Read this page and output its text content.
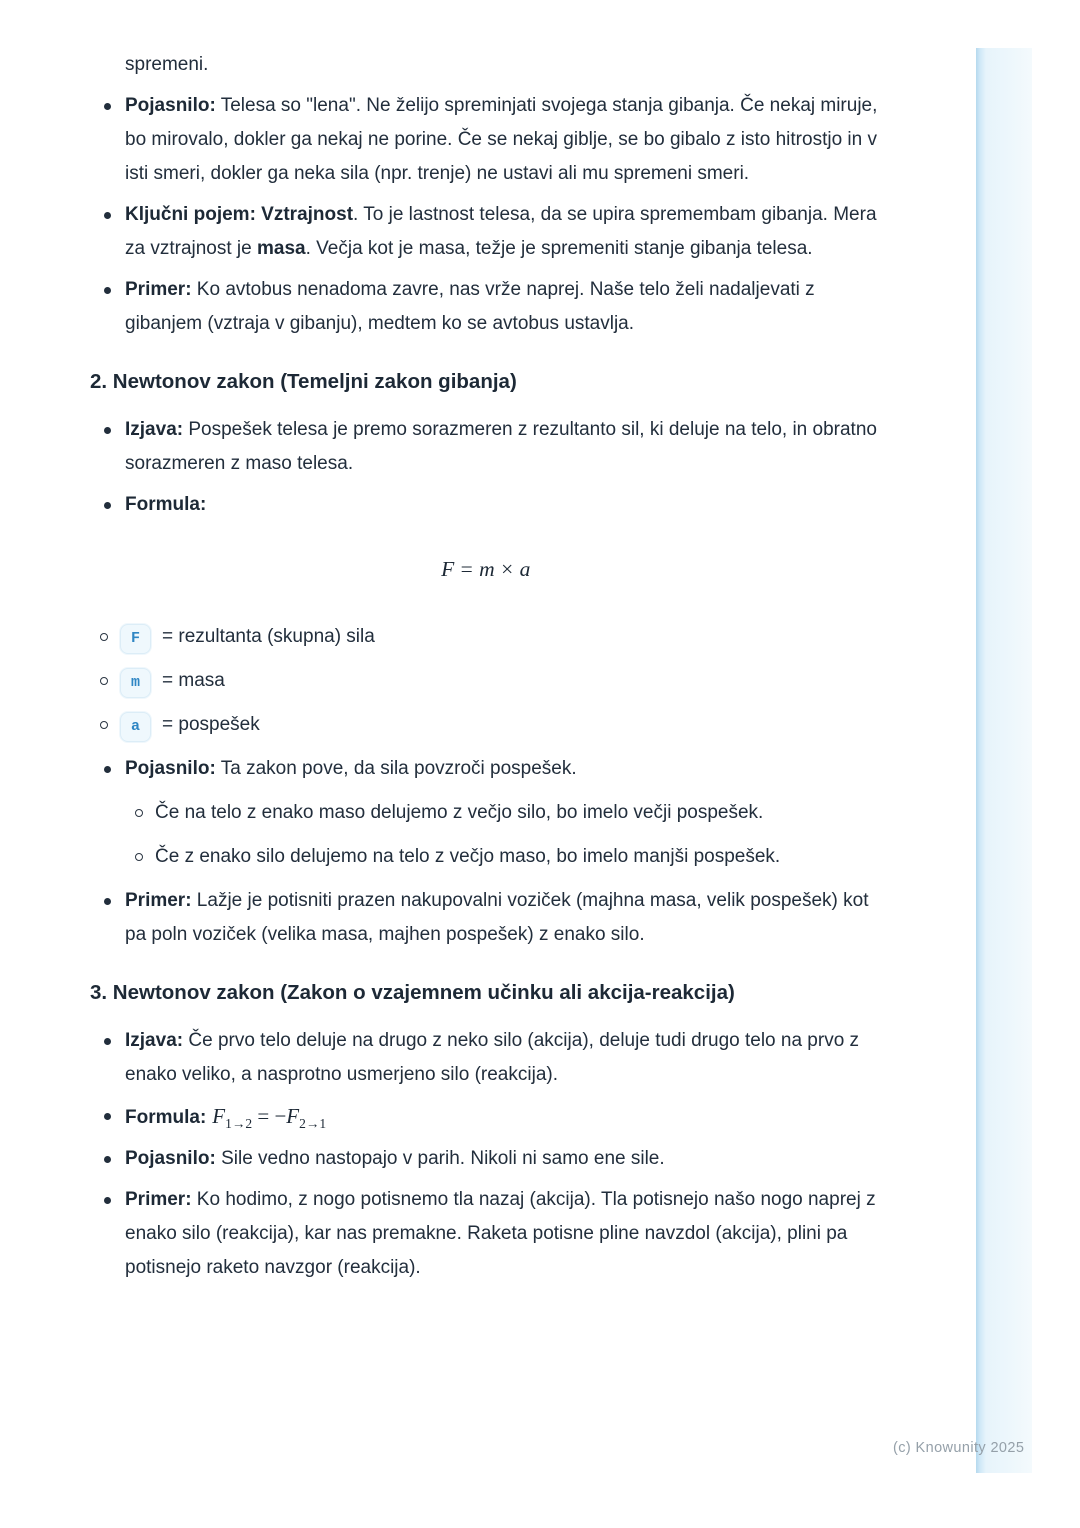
spremeni.
Pojasnilo: Telesa so "lena". Ne želijo spreminjati svojega stanja gibanja. Če nekaj miruje, bo mirovalo, dokler ga nekaj ne porine. Če se nekaj giblje, se bo gibalo z isto hitrostjo in v isti smeri, dokler ga neka sila (npr. trenje) ne ustavi ali mu spremeni smeri.
Ključni pojem: Vztrajnost. To je lastnost telesa, da se upira spremembam gibanja. Mera za vztrajnost je masa. Večja kot je masa, težje je spremeniti stanje gibanja telesa.
Primer: Ko avtobus nenadoma zavre, nas vrže naprej. Naše telo želi nadaljevati z gibanjem (vztraja v gibanju), medtem ko se avtobus ustavlja.
2. Newtonov zakon (Temeljni zakon gibanja)
Izjava: Pospešek telesa je premo sorazmeren z rezultanto sil, ki deluje na telo, in obratno sorazmeren z maso telesa.
Formula:
F = m × a
F = rezultanta (skupna) sila
m = masa
a = pospešek
Pojasnilo: Ta zakon pove, da sila povzroči pospešek.
Če na telo z enako maso delujemo z večjo silo, bo imelo večji pospešek.
Če z enako silo delujemo na telo z večjo maso, bo imelo manjši pospešek.
Primer: Lažje je potisniti prazen nakupovalni voziček (majhna masa, velik pospešek) kot pa poln voziček (velika masa, majhen pospešek) z enako silo.
3. Newtonov zakon (Zakon o vzajemnem učinku ali akcija-reakcija)
Izjava: Če prvo telo deluje na drugo z neko silo (akcija), deluje tudi drugo telo na prvo z enako veliko, a nasprotno usmerjeno silo (reakcija).
Formula: $F_{1\to 2} = -F_{2\to 1}$
Pojasnilo: Sile vedno nastopajo v parih. Nikoli ni samo ene sile.
Primer: Ko hodimo, z nogo potisnemo tla nazaj (akcija). Tla potisnejo našo nogo naprej z enako silo (reakcija), kar nas premakne. Raketa potisne pline navzdol (akcija), plini pa potisnejo raketo navzgor (reakcija).
(c) Knowunity 2025
